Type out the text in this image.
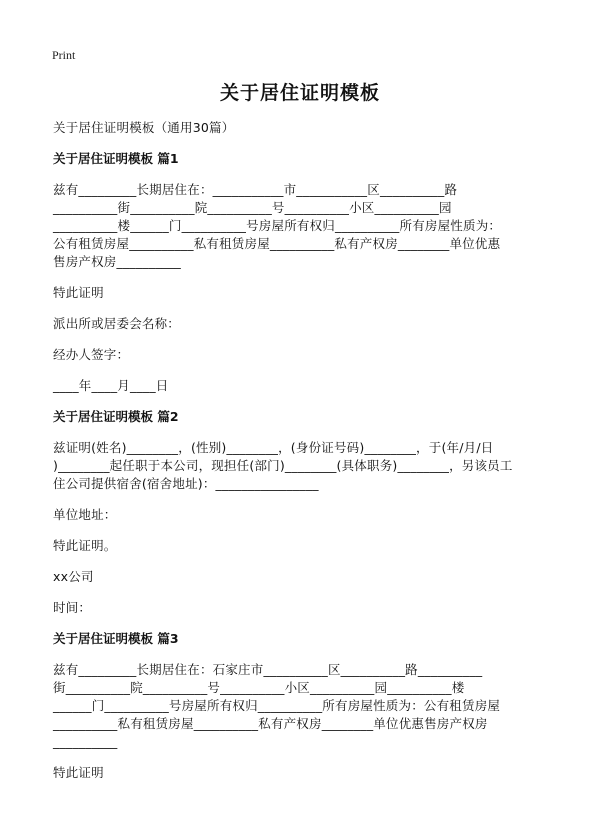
Print
关于居住证明模板
关于居住证明模板（通用30篇）
关于居住证明模板 篇1
兹有_________长期居住在：___________市___________区__________路
__________街__________院__________号__________小区__________园
__________楼______门__________号房屋所有权归__________所有房屋性质为：
公有租赁房屋__________私有租赁房屋__________私有产权房________单位优惠
售房产权房__________
特此证明
派出所或居委会名称：
经办人签字：
____年____月____日
关于居住证明模板 篇2
兹证明(姓名)________，(性别)________，(身份证号码)________，于(年/月/日
)________起任职于本公司，现担任(部门)________(具体职务)________，另该员工
住公司提供宿舍(宿舍地址)：________________
单位地址：
特此证明。
xx公司
时间：
关于居住证明模板 篇3
兹有_________长期居住在：石家庄市__________区__________路__________
街__________院__________号__________小区__________园__________楼
______门__________号房屋所有权归__________所有房屋性质为：公有租赁房屋
__________私有租赁房屋__________私有产权房________单位优惠售房产权房
__________
特此证明
